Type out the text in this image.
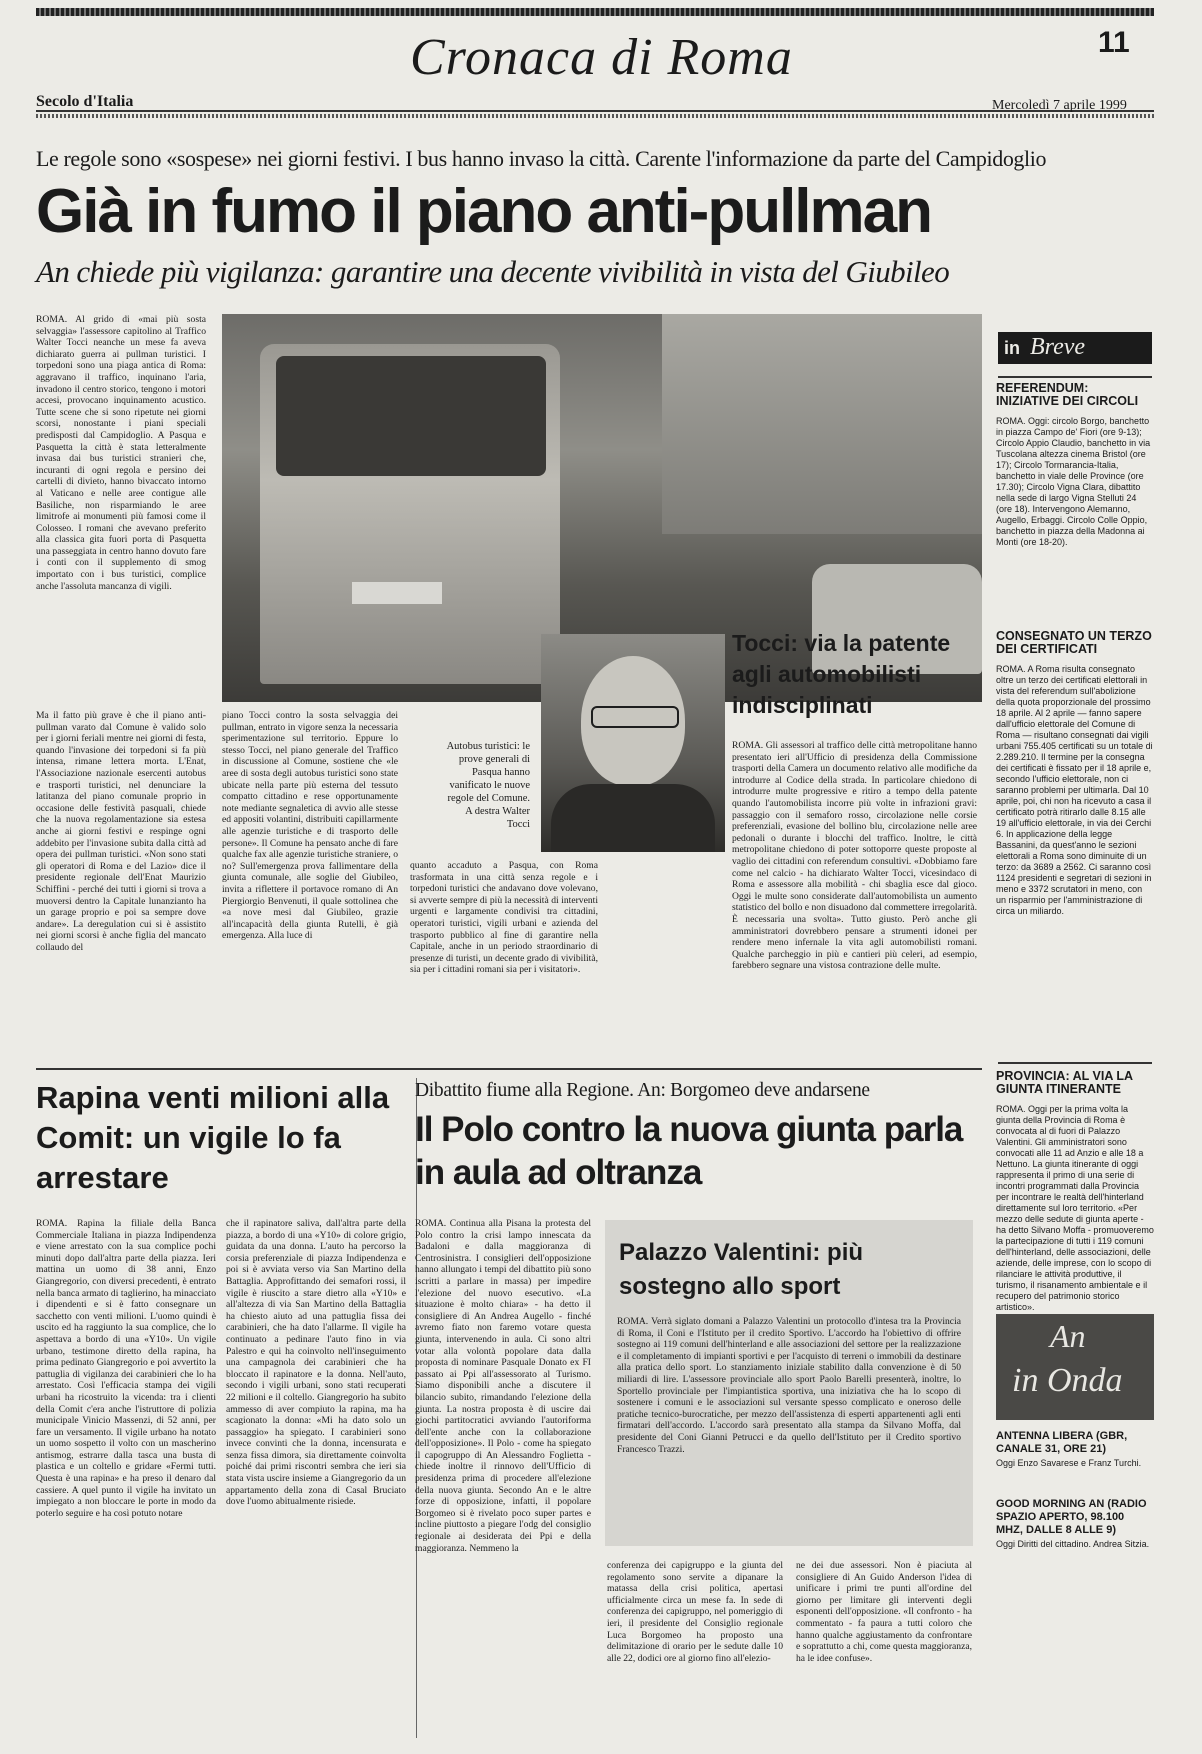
Cronaca di Roma	11
Secolo d'Italia	Mercoledì 7 aprile 1999
Le regole sono «sospese» nei giorni festivi. I bus hanno invaso la città. Carente l'informazione da parte del Campidoglio
Già in fumo il piano anti-pullman
An chiede più vigilanza: garantire una decente vivibilità in vista del Giubileo

ROMA. Al grido di «mai più sosta selvaggia» l'assessore capitolino al Traffico Walter Tocci neanche un mese fa aveva dichiarato guerra ai pullman turistici. I torpedoni sono una piaga antica di Roma: aggravano il traffico, inquinano l'aria, invadono il centro storico, tengono i motori accesi, provocano inquinamento acustico. Tutte scene che si sono ripetute nei giorni scorsi, nonostante i piani speciali predisposti dal Campidoglio. A Pasqua e Pasquetta la città è stata letteralmente invasa dai bus turistici stranieri che, incuranti di ogni regola e persino dei cartelli di divieto, hanno bivaccato intorno al Vaticano e nelle aree contigue alle Basiliche, non risparmiando le aree limitrofe ai monumenti più famosi come il Colosseo. I romani che avevano preferito alla classica gita fuori porta di Pasquetta una passeggiata in centro hanno dovuto fare i conti con il supplemento di smog importato con i bus turistici, complice anche l'assoluta mancanza di vigili.

Ma il fatto più grave è che il piano anti-pullman varato dal Comune è valido solo per i giorni feriali mentre nei giorni di festa, quando l'invasione dei torpedoni si fa più intensa, rimane lettera morta. L'Enat, l'Associazione nazionale esercenti autobus e trasporti turistici, nel denunciare la latitanza del piano comunale proprio in occasione delle festività pasquali, chiede che la nuova regolamentazione sia estesa anche ai giorni festivi e respinge ogni addebito per l'invasione subita dalla città ad opera dei pullman turistici. «Non sono stati gli operatori di Roma e del Lazio» dice il presidente regionale dell'Enat Maurizio Schiffini - perché dei tutti i giorni si trova a muoversi dentro la Capitale lunanzianto ha un garage proprio e poi sa sempre dove andare». La deregulation cui si è assistito nei giorni scorsi è anche figlia del mancato collaudo del

Autobus turistici: le prove generali di Pasqua hanno vanificato le nuove regole del Comune. A destra Walter Tocci

piano Tocci contro la sosta selvaggia dei pullman, entrato in vigore senza la necessaria sperimentazione sul territorio. Eppure lo stesso Tocci, nel piano generale del Traffico in discussione al Comune, sostiene che «le aree di sosta degli autobus turistici sono state ubicate nella parte più esterna del tessuto compatto cittadino e rese opportunamente note mediante segnaletica di avvio alle stesse ed appositi volantini, distribuiti capillarmente alle agenzie turistiche e di trasporto delle persone». Il Comune ha pensato anche di fare qualche fax alle agenzie turistiche straniere, o no? Sull'emergenza prova fallimentare della giunta comunale, alle soglie del Giubileo, invita a riflettere il portavoce romano di An Piergiorgio Benvenuti, il quale sottolinea che «a nove mesi dal Giubileo, grazie all'incapacità della giunta Rutelli, è già emergenza. Alla luce di

quanto accaduto a Pasqua, con Roma trasformata in una città senza regole e i torpedoni turistici che andavano dove volevano, si avverte sempre di più la necessità di interventi urgenti e largamente condivisi tra cittadini, operatori turistici, vigili urbani e azienda del trasporto pubblico al fine di garantire nella Capitale, anche in un periodo straordinario di presenze di turisti, un decente grado di vivibilità, sia per i cittadini romani sia per i visitatori».

Tocci: via la patente agli automobilisti indisciplinati

ROMA. Gli assessori al traffico delle città metropolitane hanno presentato ieri all'Ufficio di presidenza della Commissione trasporti della Camera un documento relativo alle modifiche da introdurre al Codice della strada. In particolare chiedono di introdurre multe progressive e ritiro a tempo della patente quando l'automobilista incorre più volte in infrazioni gravi: passaggio con il semaforo rosso, circolazione nelle corsie preferenziali, evasione del bollino blu, circolazione nelle aree pedonali o durante i blocchi del traffico. Inoltre, le città metropolitane chiedono di poter sottoporre queste proposte al vaglio dei cittadini con referendum consultivi. «Dobbiamo fare come nel calcio - ha dichiarato Walter Tocci, vicesindaco di Roma e assessore alla mobilità - chi sbaglia esce dal gioco. Oggi le multe sono considerate dall'automobilista un aumento statistico del bollo e non disuadono dal commettere irregolarità. È necessaria una svolta». Tutto giusto. Però anche gli amministratori dovrebbero pensare a strumenti idonei per rendere meno infernale la vita agli automobilisti romani. Qualche parcheggio in più e cantieri più celeri, ad esempio, farebbero segnare una vistosa contrazione delle multe.

Rapina venti milioni alla Comit: un vigile lo fa arrestare

ROMA. Rapina la filiale della Banca Commerciale Italiana in piazza Indipendenza e viene arrestato con la sua complice pochi minuti dopo dall'altra parte della piazza. Ieri mattina un uomo di 38 anni, Enzo Giangregorio, con diversi precedenti, è entrato nella banca armato di taglierino, ha minacciato i dipendenti e si è fatto consegnare un sacchetto con venti milioni. L'uomo quindi è uscito ed ha raggiunto la sua complice, che lo aspettava a bordo di una «Y10». Un vigile urbano, testimone diretto della rapina, ha prima pedinato Giangregorio e poi avvertito la pattuglia di vigilanza dei carabinieri che lo ha arrestato. Così l'efficacia stampa dei vigili urbani ha ricostruito la vicenda: tra i clienti della Comit c'era anche l'istruttore di polizia municipale Vinicio Massenzi, di 52 anni, per fare un versamento. Il vigile urbano ha notato un uomo sospetto il volto con un mascherino antismog, estrarre dalla tasca una busta di plastica e un coltello e gridare «Fermi tutti. Questa è una rapina» e ha preso il denaro dal cassiere. A quel punto il vigile ha invitato un impiegato a non bloccare le porte in modo da poterlo seguire e ha così potuto notare

che il rapinatore saliva, dall'altra parte della piazza, a bordo di una «Y10» di colore grigio, guidata da una donna. L'auto ha percorso la corsia preferenziale di piazza Indipendenza e poi si è avviata verso via San Martino della Battaglia. Approfittando dei semafori rossi, il vigile è riuscito a stare dietro alla «Y10» e all'altezza di via San Martino della Battaglia ha chiesto aiuto ad una pattuglia fissa dei carabinieri, che ha dato l'allarme. Il vigile ha continuato a pedinare l'auto fino in via Palestro e qui ha coinvolto nell'inseguimento una campagnola dei carabinieri che ha bloccato il rapinatore e la donna. Nell'auto, secondo i vigili urbani, sono stati recuperati 22 milioni e il coltello. Giangregorio ha subito ammesso di aver compiuto la rapina, ma ha scagionato la donna: «Mi ha dato solo un passaggio» ha spiegato. I carabinieri sono invece convinti che la donna, incensurata e senza fissa dimora, sia direttamente coinvolta poiché dai primi riscontri sembra che ieri sia stata vista uscire insieme a Giangregorio da un appartamento della zona di Casal Bruciato dove l'uomo abitualmente risiede.

Dibattito fiume alla Regione. An: Borgomeo deve andarsene
Il Polo contro la nuova giunta parla in aula ad oltranza

ROMA. Continua alla Pisana la protesta del Polo contro la crisi lampo innescata da Badaloni e dalla maggioranza di Centrosinistra. I consiglieri dell'opposizione hanno allungato i tempi del dibattito più sono iscritti a parlare in massa) per impedire l'elezione del nuovo esecutivo. «La situazione è molto chiara» - ha detto il consigliere di An Andrea Augello - finché avremo fiato non faremo votare questa giunta, intervenendo in aula. Ci sono altri votar alla volontà popolare data dalla proposta di nominare Pasquale Donato ex FI passato ai Ppi all'assessorato al Turismo. Siamo disponibili anche a discutere il bilancio subito, rimandando l'elezione della giunta. La nostra proposta è di uscire dai giochi partitocratici avviando l'autoriforma dell'ente anche con la collaborazione dell'opposizione». Il Polo - come ha spiegato il capogruppo di An Alessandro Foglietta - chiede inoltre il rinnovo dell'Ufficio di presidenza prima di procedere all'elezione della nuova giunta. Secondo An e le altre forze di opposizione, infatti, il popolare Borgomeo si è rivelato poco super partes e incline piuttosto a piegare l'odg del consiglio regionale ai desiderata dei Ppi e della maggioranza. Nemmeno la

conferenza dei capigruppo e la giunta del regolamento sono servite a dipanare la matassa della crisi politica, apertasi ufficialmente circa un mese fa. In sede di conferenza dei capigruppo, nel pomeriggio di ieri, il presidente del Consiglio regionale Luca Borgomeo ha proposto una delimitazione di orario per le sedute dalle 10 alle 22, dodici ore al giorno fino all'elezio-

ne dei due assessori. Non è piaciuta al consigliere di An Guido Anderson l'idea di unificare i primi tre punti all'ordine del giorno per limitare gli interventi degli esponenti dell'opposizione. «Il confronto - ha commentato - fa paura a tutti coloro che hanno qualche aggiustamento da confrontare e soprattutto a chi, come questa maggioranza, ha le idee confuse».

Palazzo Valentini: più sostegno allo sport

ROMA. Verrà siglato domani a Palazzo Valentini un protocollo d'intesa tra la Provincia di Roma, il Coni e l'Istituto per il credito Sportivo. L'accordo ha l'obiettivo di offrire sostegno ai 119 comuni dell'hinterland e alle associazioni del settore per la realizzazione e il completamento di impianti sportivi e per l'acquisto di terreni o immobili da destinare alla pratica dello sport. Lo stanziamento iniziale stabilito dalla convenzione è di 50 miliardi di lire. L'assessore provinciale allo sport Paolo Barelli presenterà, inoltre, lo Sportello provinciale per l'impiantistica sportiva, una iniziativa che ha lo scopo di sostenere i comuni e le associazioni sul versante spesso complicato e oneroso delle pratiche tecnico-burocratiche, per mezzo dell'assistenza di esperti appartenenti agli enti firmatari dell'accordo. L'accordo sarà presentato alla stampa da Silvano Moffa, dal presidente del Coni Gianni Petrucci e da quello dell'Istituto per il Credito sportivo Francesco Trazzi.

in Breve
REFERENDUM: INIZIATIVE DEI CIRCOLI
ROMA. Oggi: circolo Borgo, banchetto in piazza Campo de' Fiori (ore 9-13); Circolo Appio Claudio, banchetto in via Tuscolana altezza cinema Bristol (ore 17); Circolo Tormarancia-Italia, banchetto in viale delle Province (ore 17.30); Circolo Vigna Clara, dibattito nella sede di largo Vigna Stelluti 24 (ore 18). Intervengono Alemanno, Augello, Erbaggi. Circolo Colle Oppio, banchetto in piazza della Madonna ai Monti (ore 18-20).
CONSEGNATO UN TERZO DEI CERTIFICATI
ROMA. A Roma risulta consegnato oltre un terzo dei certificati elettorali in vista del referendum sull'abolizione della quota proporzionale del prossimo 18 aprile. Al 2 aprile — fanno sapere dall'ufficio elettorale del Comune di Roma — risultano consegnati dai vigili urbani 755.405 certificati su un totale di 2.289.210. Il termine per la consegna dei certificati è fissato per il 18 aprile e, secondo l'ufficio elettorale, non ci saranno problemi per ultimarla. Dal 10 aprile, poi, chi non ha ricevuto a casa il certificato potrà ritirarlo dalle 8.15 alle 19 all'ufficio elettorale, in via dei Cerchi 6. In applicazione della legge Bassanini, da quest'anno le sezioni elettorali a Roma sono diminuite di un terzo: da 3689 a 2562. Ci saranno così 1124 presidenti e segretari di sezioni in meno e 3372 scrutatori in meno, con un risparmio per l'amministrazione di circa un miliardo.
PROVINCIA: AL VIA LA GIUNTA ITINERANTE
ROMA. Oggi per la prima volta la giunta della Provincia di Roma è convocata al di fuori di Palazzo Valentini. Gli amministratori sono convocati alle 11 ad Anzio e alle 18 a Nettuno. La giunta itinerante di oggi rappresenta il primo di una serie di incontri programmati dalla Provincia per incontrare le realtà dell'hinterland direttamente sul loro territorio. «Per mezzo delle sedute di giunta aperte - ha detto Silvano Moffa - promuoveremo la partecipazione di tutti i 119 comuni dell'hinterland, delle associazioni, delle aziende, delle imprese, con lo scopo di rilanciare le attività produttive, il turismo, il risanamento ambientale e il recupero del patrimonio storico artistico».
An
in Onda
ANTENNA LIBERA (GBR, CANALE 31, ORE 21)
Oggi Enzo Savarese e Franz Turchi.
GOOD MORNING AN (RADIO SPAZIO APERTO, 98.100 MHZ, DALLE 8 ALLE 9)
Oggi Diritti del cittadino. Andrea Sitzia.
